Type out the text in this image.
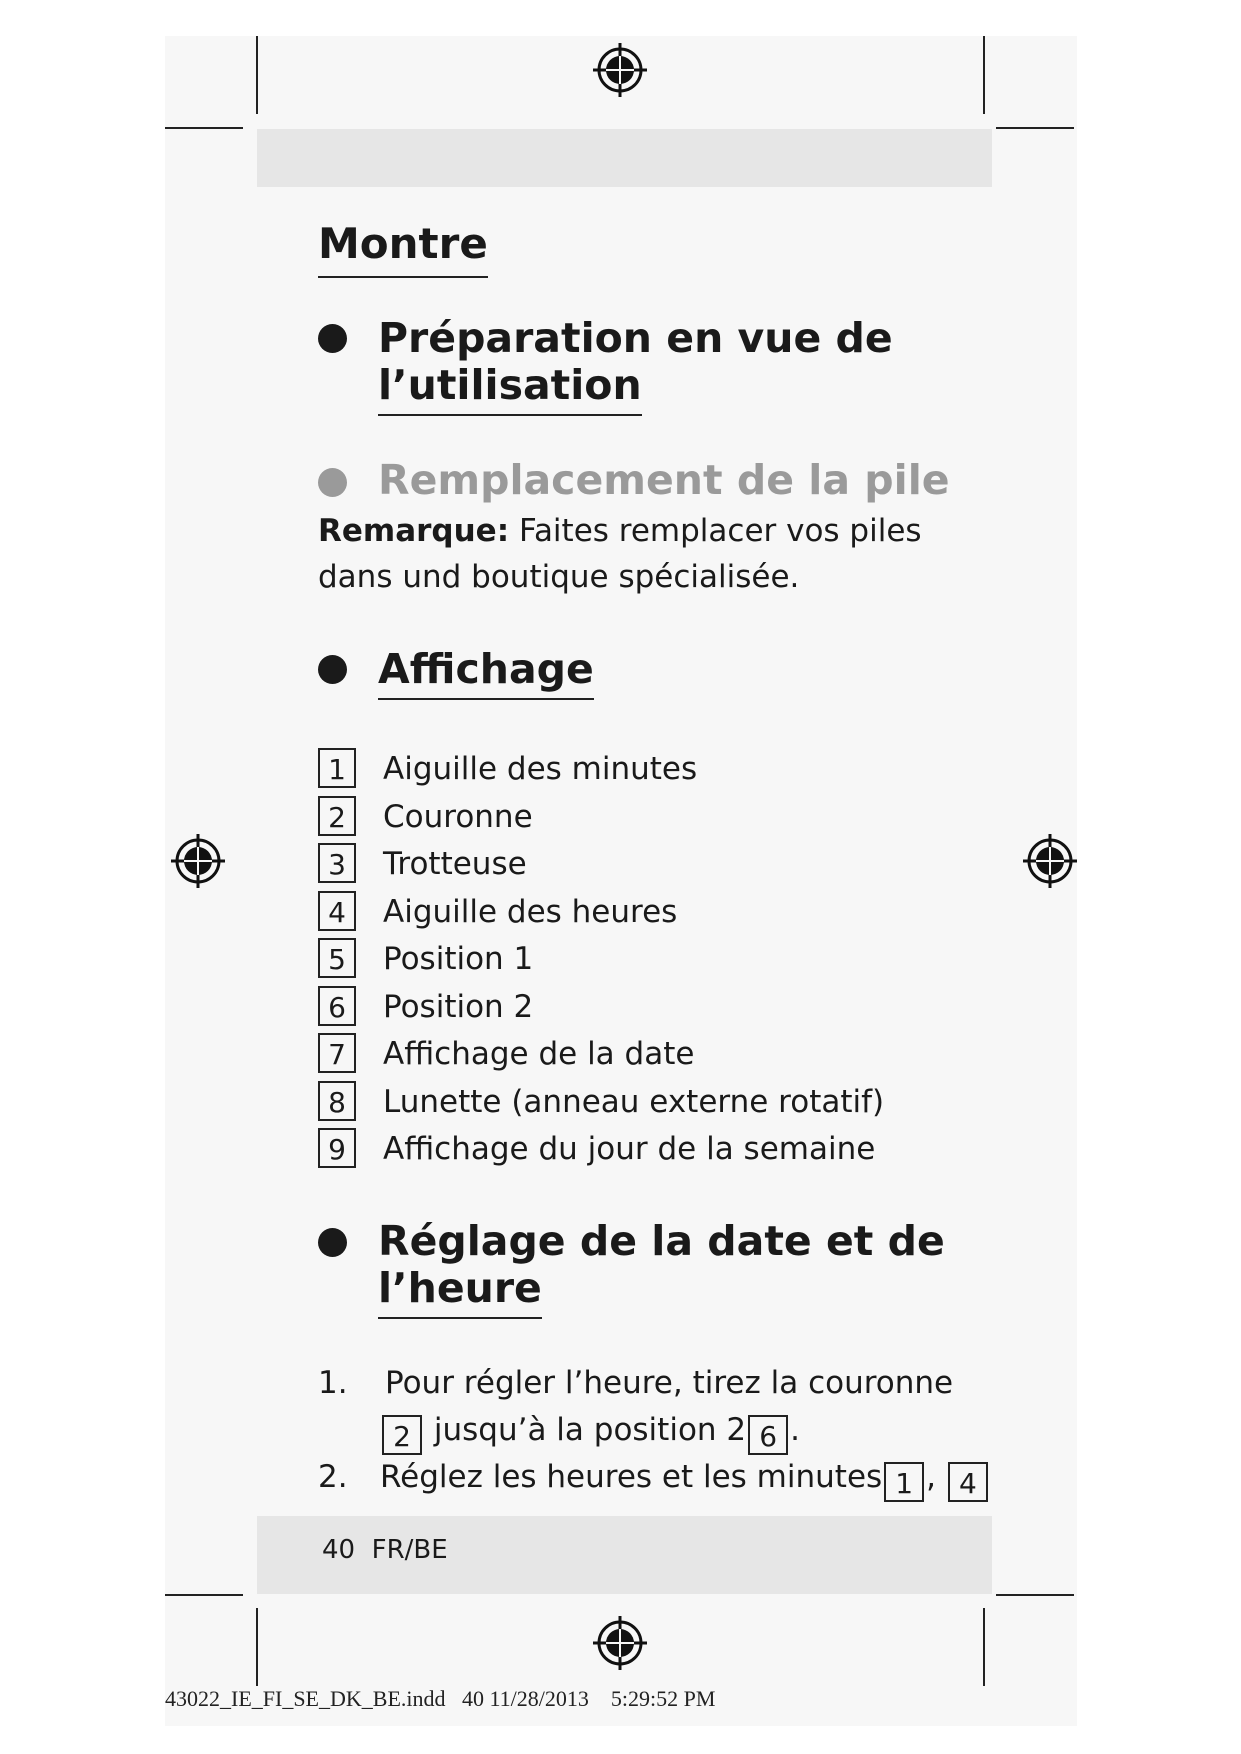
Montre
Préparation en vue de
l’utilisation
Remplacement de la pile
Remarque: Faites remplacer vos piles
dans und boutique spécialisée.
Affichage
1	Aiguille des minutes
2	Couronne
3	Trotteuse
4	Aiguille des heures
5	Position 1
6	Position 2
7	Affichage de la date
8	Lunette (anneau externe rotatif)
9	Affichage du jour de la semaine
Réglage de la date et de
l’heure
1. Pour régler l’heure, tirez la couronne
2 jusqu’à la position 2 6 .
2. Réglez les heures et les minutes 1 , 4
40 FR/BE
43022_IE_FI_SE_DK_BE.indd 40 11/28/2013 5:29:52 PM
